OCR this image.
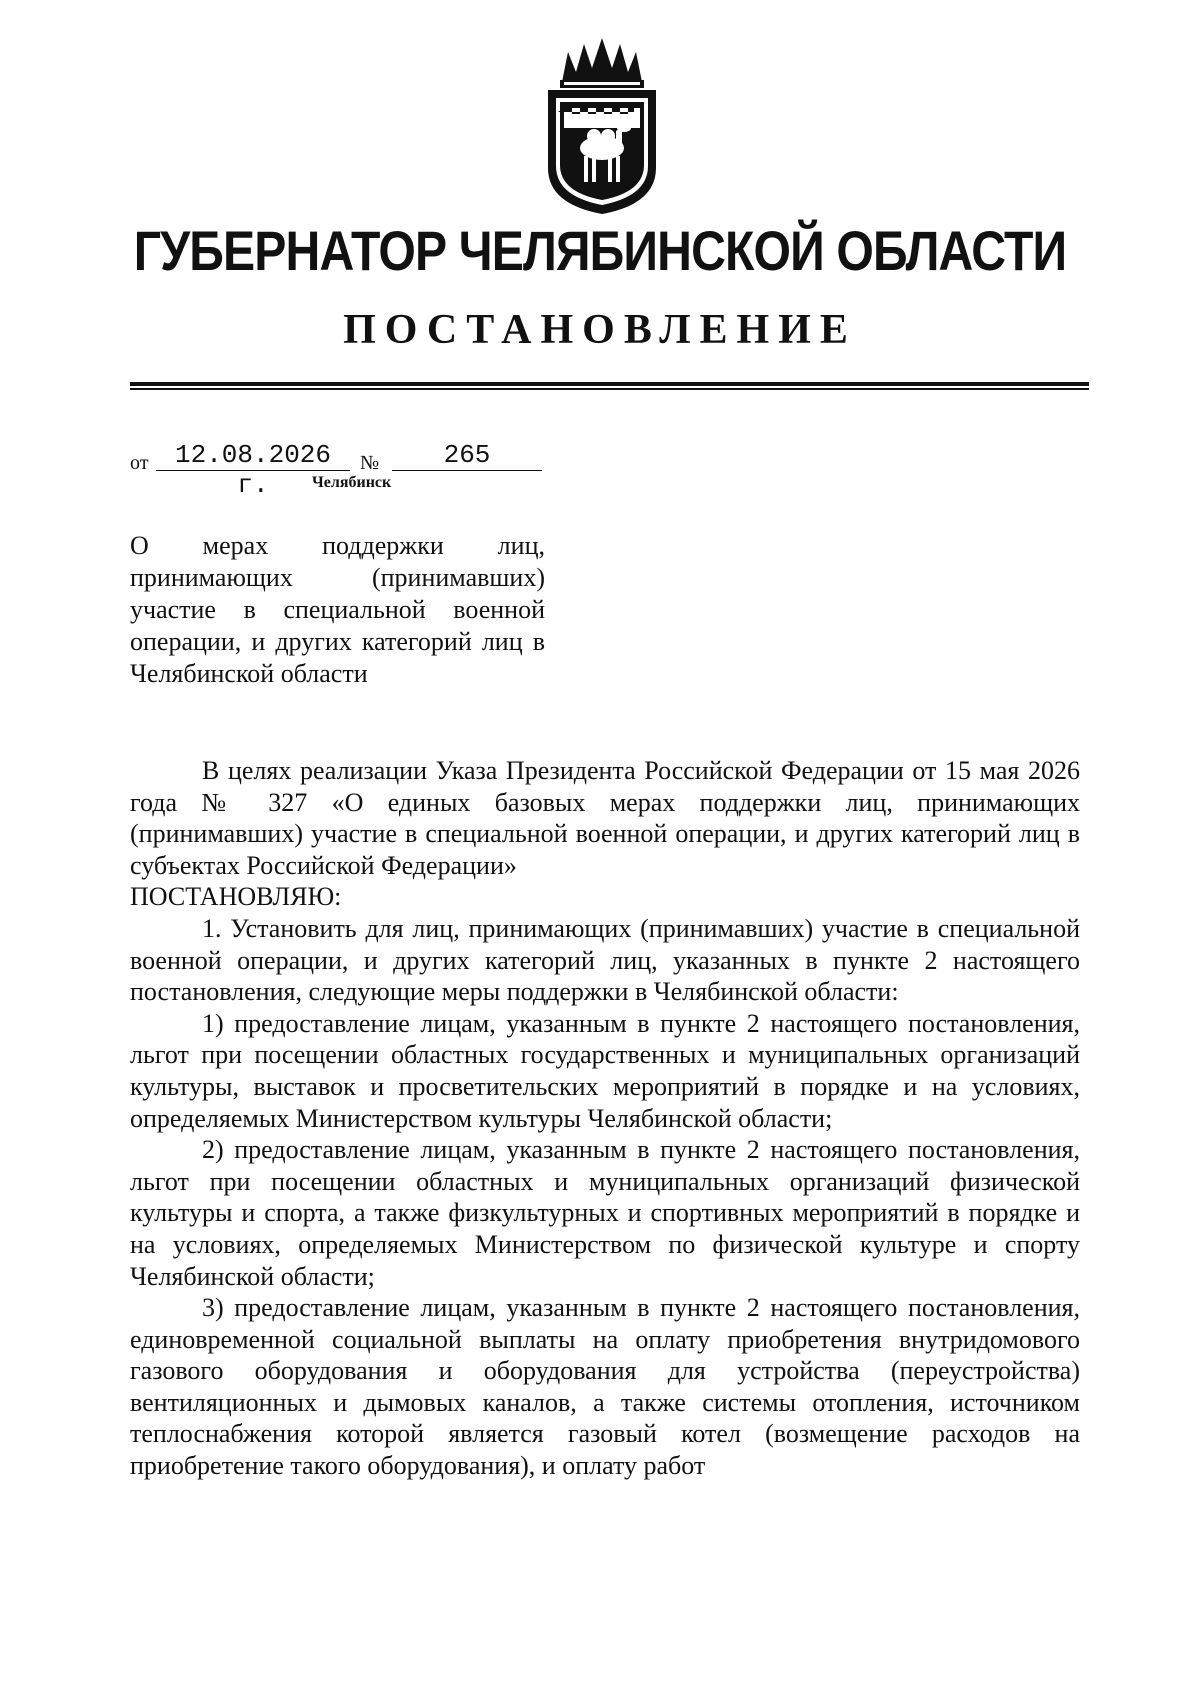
ГУБЕРНАТОР ЧЕЛЯБИНСКОЙ ОБЛАСТИ
ПОСТАНОВЛЕНИЕ
от	12.08.2026 г.
№	265
Челябинск

О мерах поддержки лиц, принимающих (принимавших) участие в специальной военной операции, и других категорий лиц в Челябинской области

В целях реализации Указа Президента Российской Федерации от 15 мая 2026 года № 327 «О единых базовых мерах поддержки лиц, принимающих (принимавших) участие в специальной военной операции, и других категорий лиц в субъектах Российской Федерации»

ПОСТАНОВЛЯЮ:

1. Установить для лиц, принимающих (принимавших) участие в специальной военной операции, и других категорий лиц, указанных в пункте 2 настоящего постановления, следующие меры поддержки в Челябинской области:

1) предоставление лицам, указанным в пункте 2 настоящего постановления, льгот при посещении областных государственных и муниципальных организаций культуры, выставок и просветительских мероприятий в порядке и на условиях, определяемых Министерством культуры Челябинской области;

2) предоставление лицам, указанным в пункте 2 настоящего постановления, льгот при посещении областных и муниципальных организаций физической культуры и спорта, а также физкультурных и спортивных мероприятий в порядке и на условиях, определяемых Министерством по физической культуре и спорту Челябинской области;

3) предоставление лицам, указанным в пункте 2 настоящего постановления, единовременной социальной выплаты на оплату приобретения внутридомового газового оборудования и оборудования для устройства (переустройства) вентиляционных и дымовых каналов, а также системы отопления, источником теплоснабжения которой является газовый котел (возмещение расходов на приобретение такого оборудования), и оплату работ
